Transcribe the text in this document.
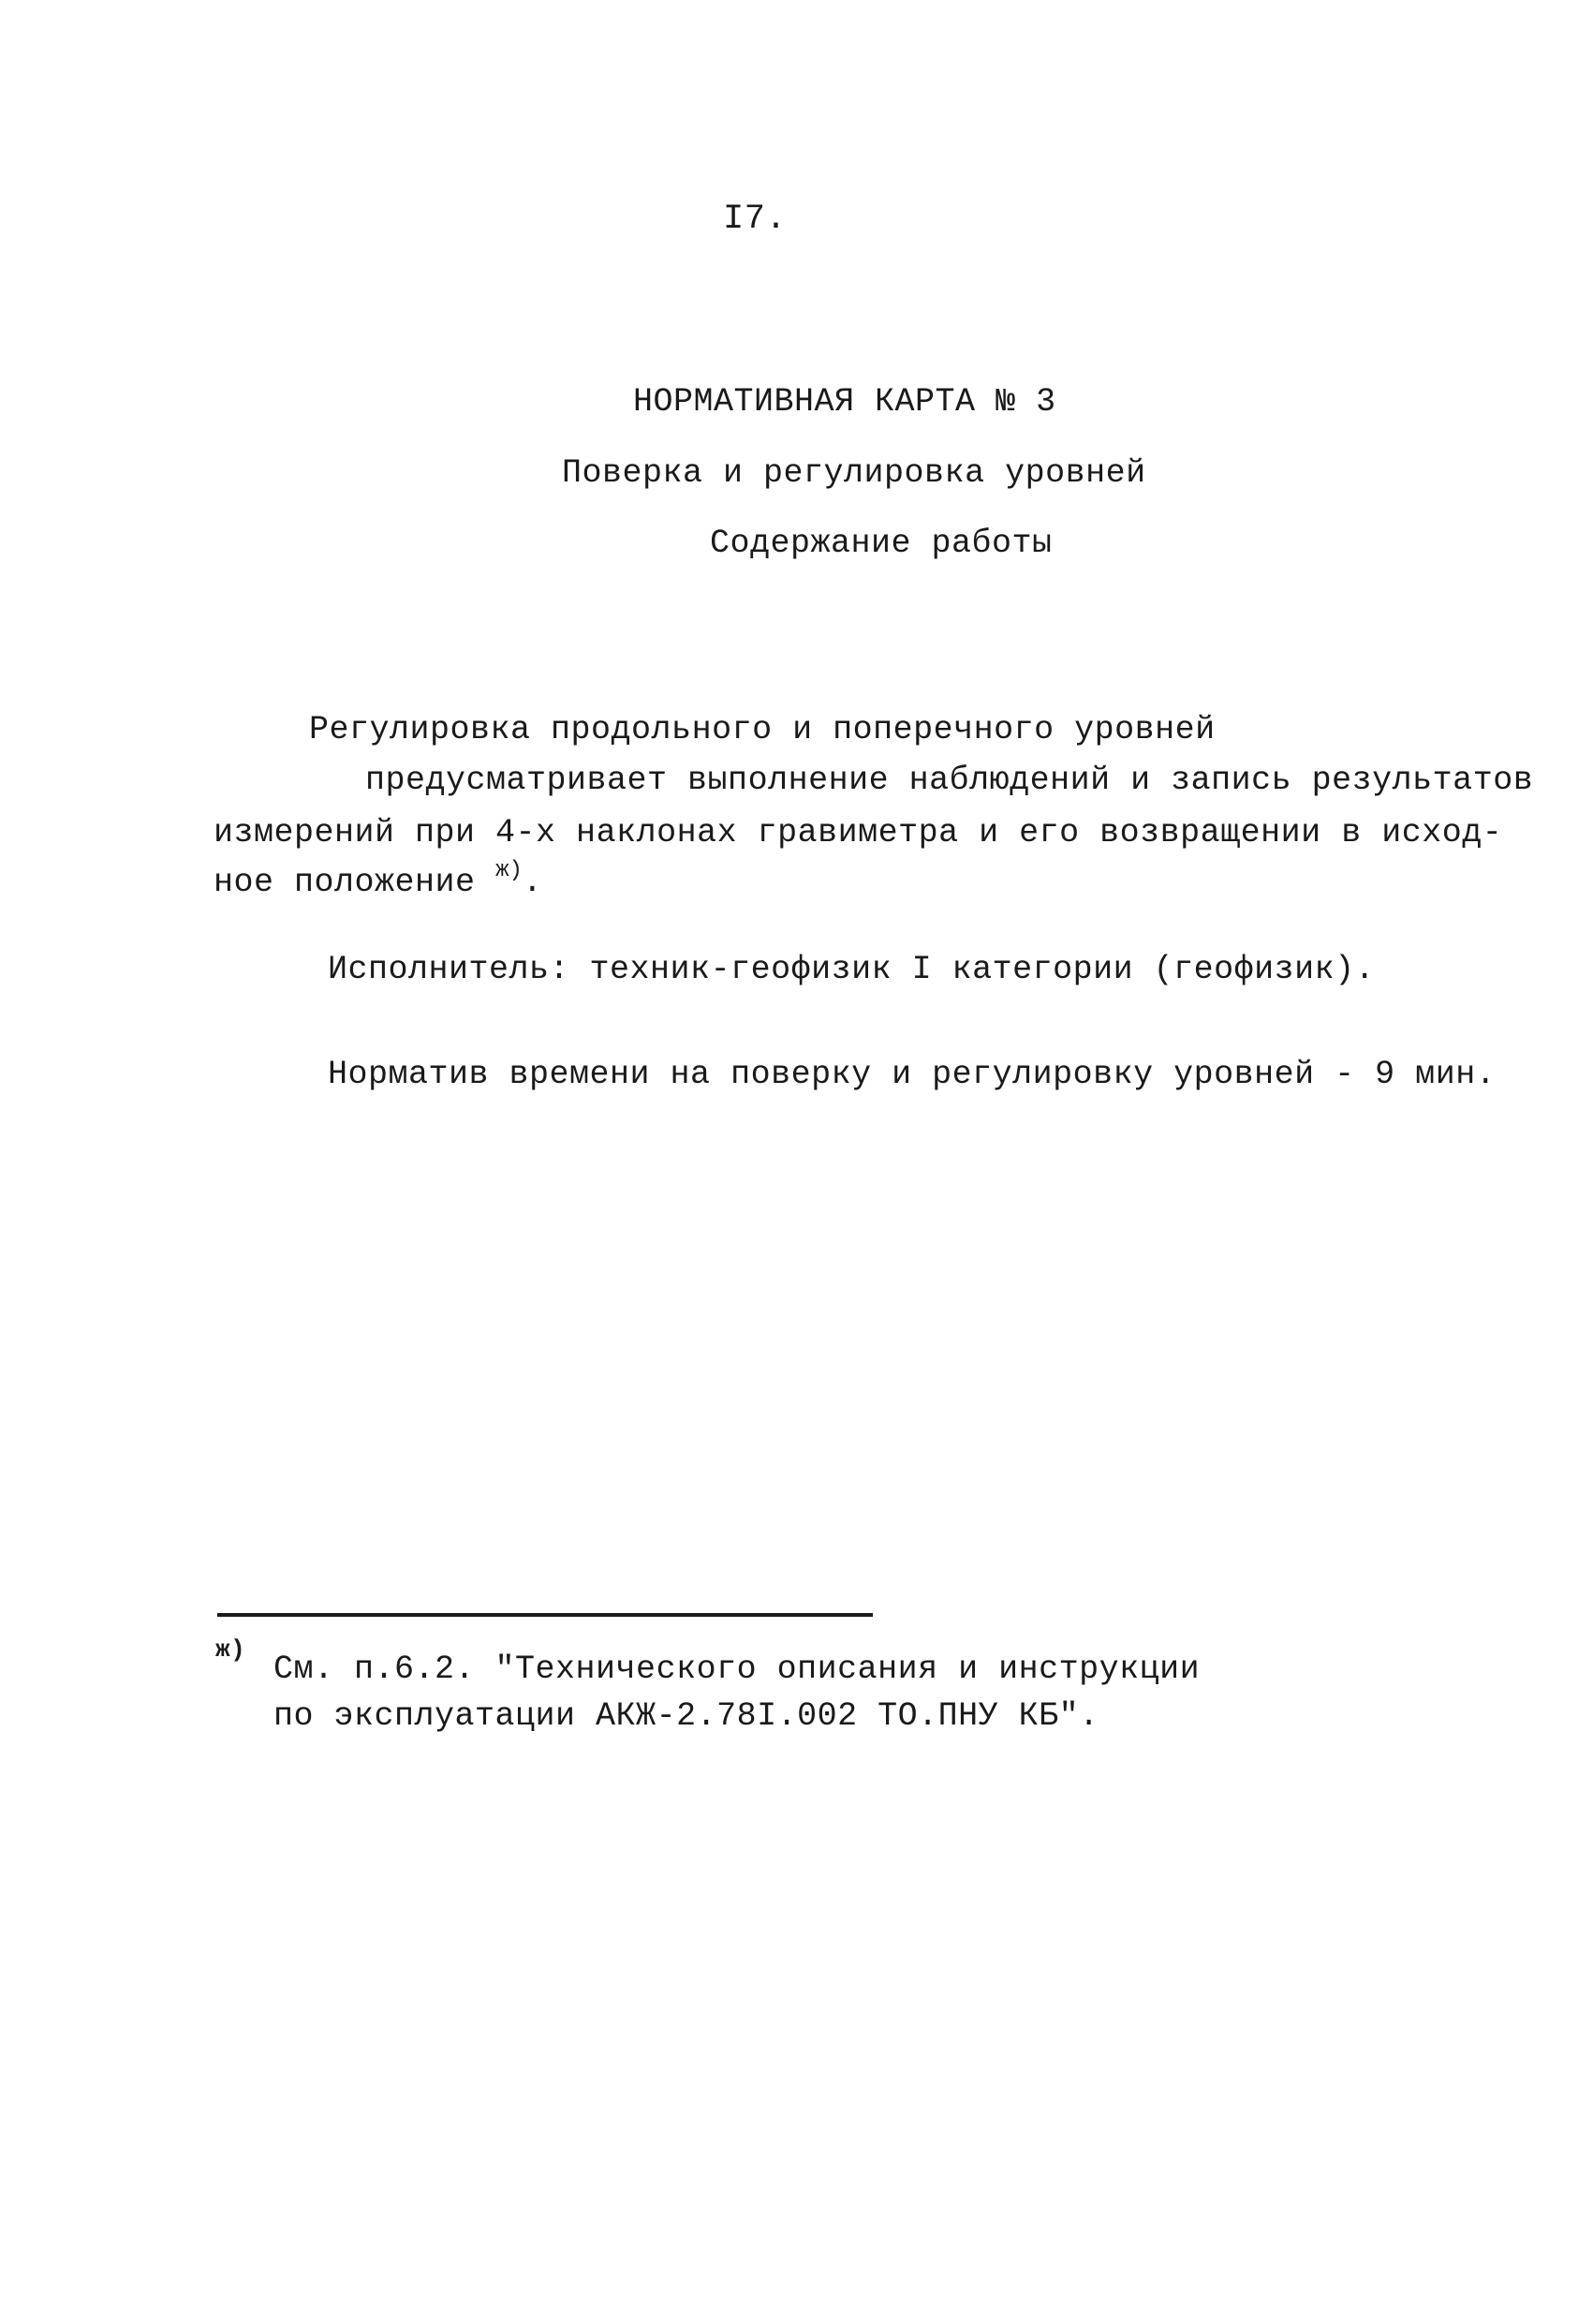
I7.
НОРМАТИВНАЯ КАРТА № 3
Поверка и регулировка уровней
Содержание работы
Регулировка продольного и поперечного уровней
предусматривает выполнение наблюдений и запись результатов
измерений при 4-х наклонах гравиметра и его возвращении в исход-
ное положение $^{ж)}$.
Исполнитель: техник-геофизик I категории (геофизик).
Норматив времени на поверку и регулировку уровней - 9 мин.
ж)
См. п.6.2. "Технического описания и инструкции
по эксплуатации АКЖ-2.78I.002 ТО.ПНУ КБ".
